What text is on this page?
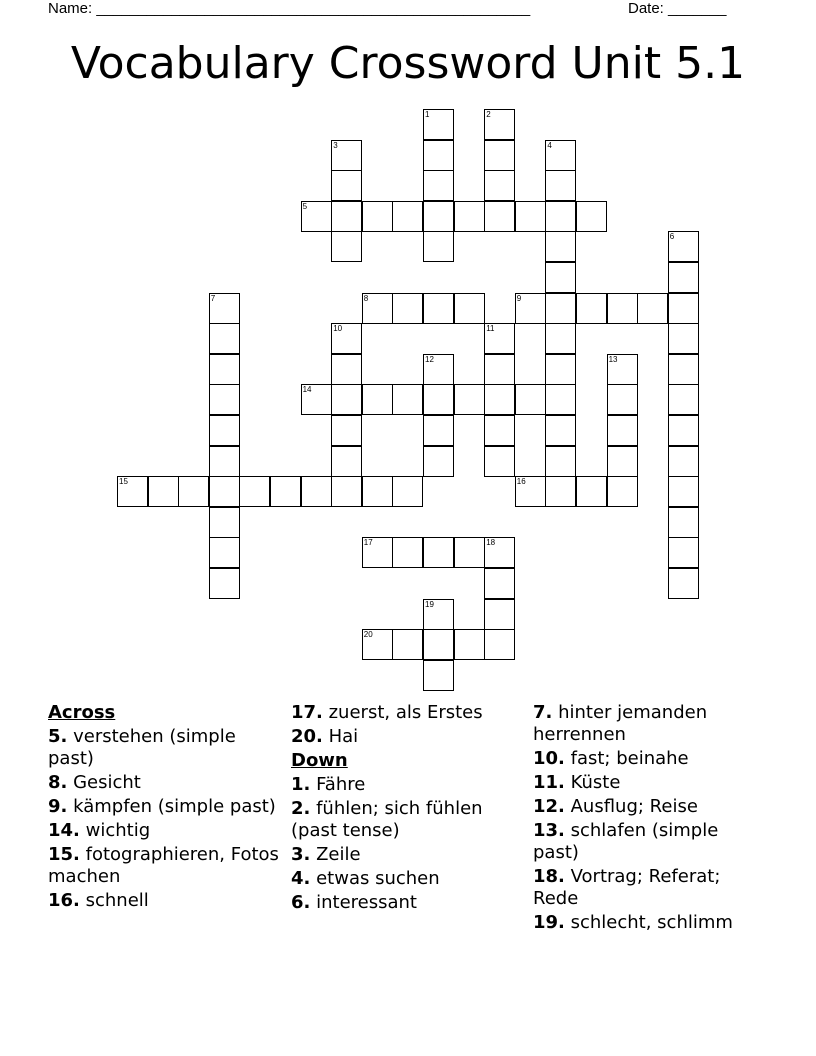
Name: ____________________________________________________	Date: _______
Vocabulary Crossword Unit 5.1
1	2
3	4
5
6
7	8	9
10	11
12	13
14
15	16
17	18
19
20
Across
5. verstehen (simple past)
8. Gesicht
9. kämpfen (simple past)
14. wichtig
15. fotographieren, Fotos machen
16. schnell
17. zuerst, als Erstes
20. Hai
Down
1. Fähre
2. fühlen; sich fühlen (past tense)
3. Zeile
4. etwas suchen
6. interessant
7. hinter jemanden herrennen
10. fast; beinahe
11. Küste
12. Ausflug; Reise
13. schlafen (simple past)
18. Vortrag; Referat; Rede
19. schlecht, schlimm
